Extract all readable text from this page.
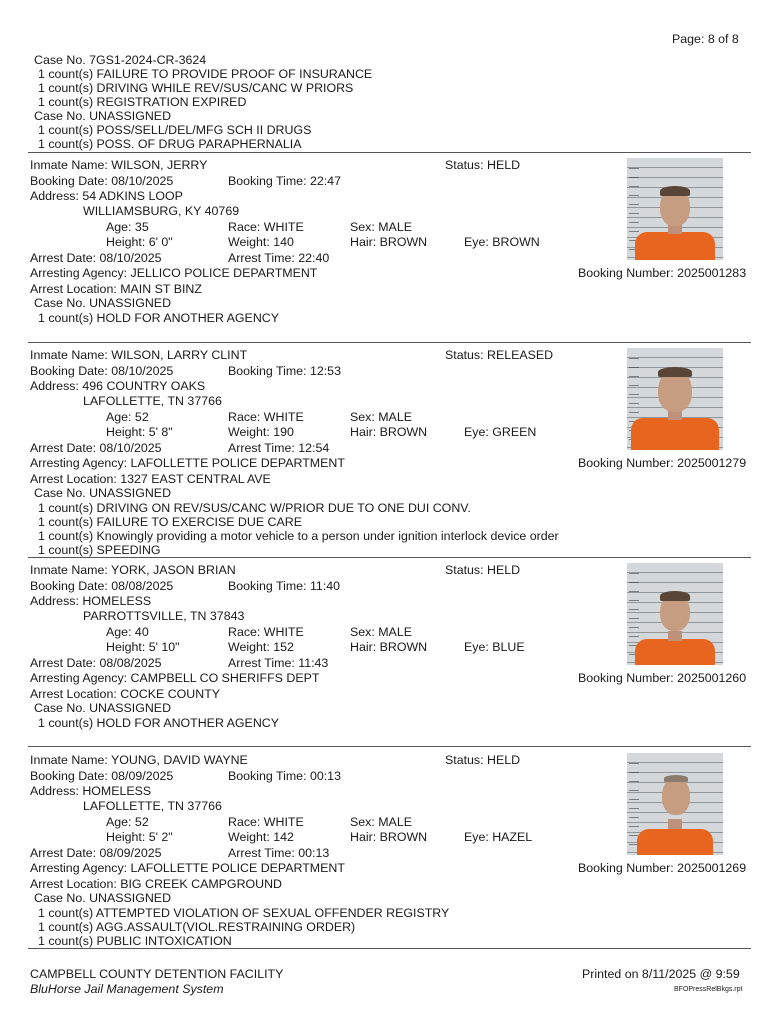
Page: 8 of 8
Case No. 7GS1-2024-CR-3624
1 count(s) FAILURE TO PROVIDE PROOF OF INSURANCE
1 count(s) DRIVING WHILE REV/SUS/CANC W PRIORS
1 count(s) REGISTRATION EXPIRED
Case No. UNASSIGNED
1 count(s) POSS/SELL/DEL/MFG SCH II DRUGS
1 count(s) POSS. OF DRUG PARAPHERNALIA
Inmate Name: WILSON, JERRY	Status: HELD
Booking Date: 08/10/2025	Booking Time: 22:47
Address: 54 ADKINS LOOP
WILLIAMSBURG, KY 40769
Age: 35	Race: WHITE	Sex: MALE
Height: 6' 0"	Weight: 140	Hair: BROWN	Eye: BROWN
Arrest Date: 08/10/2025	Arrest Time: 22:40
Arresting Agency: JELLICO POLICE DEPARTMENT	Booking Number: 2025001283
Arrest Location: MAIN ST BINZ
Case No. UNASSIGNED
1 count(s) HOLD FOR ANOTHER AGENCY
Inmate Name: WILSON, LARRY CLINT	Status: RELEASED
Booking Date: 08/10/2025	Booking Time: 12:53
Address: 496 COUNTRY OAKS
LAFOLLETTE, TN 37766
Age: 52	Race: WHITE	Sex: MALE
Height: 5' 8"	Weight: 190	Hair: BROWN	Eye: GREEN
Arrest Date: 08/10/2025	Arrest Time: 12:54
Arresting Agency: LAFOLLETTE POLICE DEPARTMENT	Booking Number: 2025001279
Arrest Location: 1327 EAST CENTRAL AVE
Case No. UNASSIGNED
1 count(s) DRIVING ON REV/SUS/CANC W/PRIOR DUE TO ONE DUI CONV.
1 count(s) FAILURE TO EXERCISE DUE CARE
1 count(s) Knowingly providing a motor vehicle to a person under ignition interlock device order
1 count(s) SPEEDING
Inmate Name: YORK, JASON BRIAN	Status: HELD
Booking Date: 08/08/2025	Booking Time: 11:40
Address: HOMELESS
PARROTTSVILLE, TN 37843
Age: 40	Race: WHITE	Sex: MALE
Height: 5' 10"	Weight: 152	Hair: BROWN	Eye: BLUE
Arrest Date: 08/08/2025	Arrest Time: 11:43
Arresting Agency: CAMPBELL CO SHERIFFS DEPT	Booking Number: 2025001260
Arrest Location: COCKE COUNTY
Case No. UNASSIGNED
1 count(s) HOLD FOR ANOTHER AGENCY
Inmate Name: YOUNG, DAVID WAYNE	Status: HELD
Booking Date: 08/09/2025	Booking Time: 00:13
Address: HOMELESS
LAFOLLETTE, TN 37766
Age: 52	Race: WHITE	Sex: MALE
Height: 5' 2"	Weight: 142	Hair: BROWN	Eye: HAZEL
Arrest Date: 08/09/2025	Arrest Time: 00:13
Arresting Agency: LAFOLLETTE POLICE DEPARTMENT	Booking Number: 2025001269
Arrest Location: BIG CREEK CAMPGROUND
Case No. UNASSIGNED
1 count(s) ATTEMPTED VIOLATION OF SEXUAL OFFENDER REGISTRY
1 count(s) AGG.ASSAULT(VIOL.RESTRAINING ORDER)
1 count(s) PUBLIC INTOXICATION
CAMPBELL COUNTY DETENTION FACILITY
BluHorse Jail Management System
Printed on 8/11/2025 @ 9:59
BFOPressRelBkgs.rpt
